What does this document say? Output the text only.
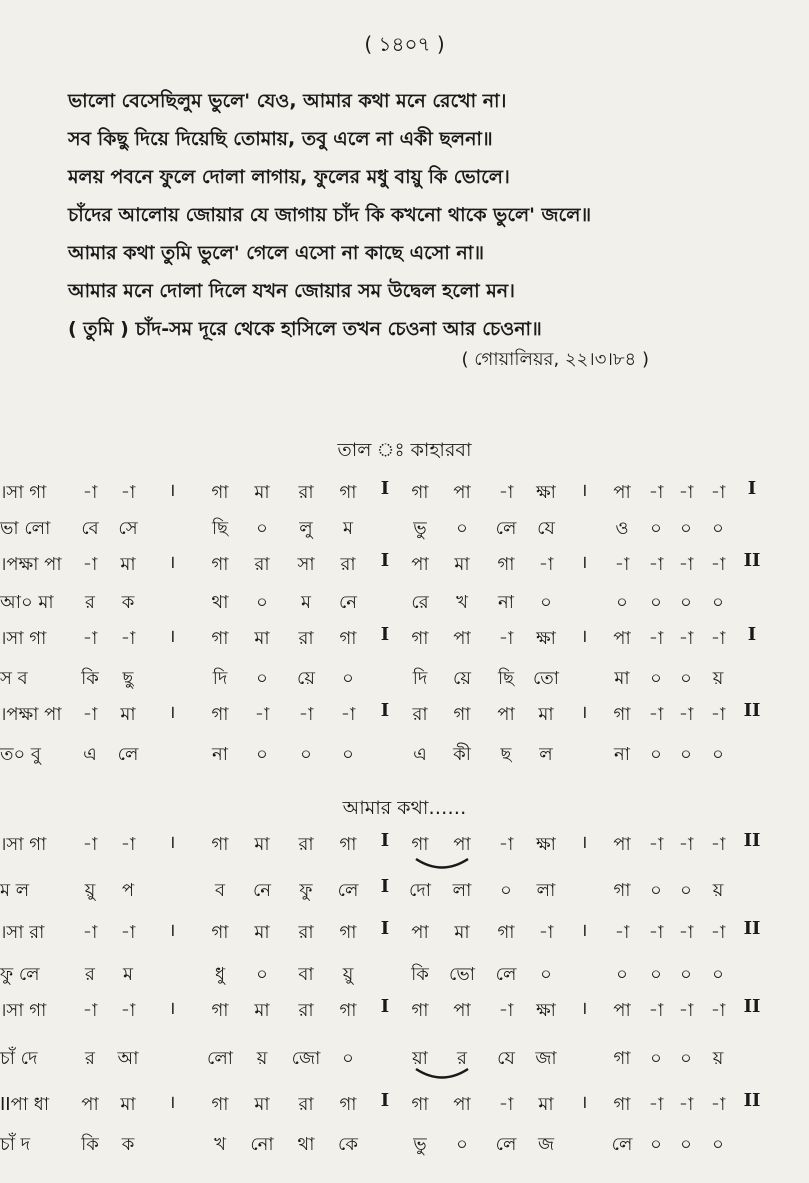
( ১৪০৭ )
ভালো বেসেছিলুম ভুলে' যেও, আমার কথা মনে রেখো না।
সব কিছু দিয়ে দিয়েছি তোমায়, তবু এলে না একী ছলনা॥
মলয় পবনে ফুলে দোলা লাগায়, ফুলের মধু বায়ু কি ভোলে।
চাঁদের আলোয় জোয়ার যে জাগায় চাঁদ কি কখনো থাকে ভুলে' জলে॥
আমার কথা তুমি ভুলে' গেলে এসো না কাছে এসো না॥
আমার মনে দোলা দিলে যখন জোয়ার সম উদ্বেল হলো মন।
( তুমি ) চাঁদ-সম দূরে থেকে হাসিলে তখন চেওনা আর চেওনা॥
( গোয়ালিয়র, ২২।৩।৮৪ )
তাল ঃ কাহারবা
আমার কথা……
।সা গা	-া	-া	।	গা	মা	রা	গা	I	গা	পা	-া	ক্ষা	।	পা -া -া -া	I
ভা লো	বে	সে	ছি	০	লু	ম	ভু	০	লে	যে	ও	০	০	০
।পক্ষা পা	-া	মা	।	গা	রা	সা	রা	I	পা	মা	গা	-া	।	-া	-া -া -া	II
আ০ মা	র	ক	থা	০	ম	নে	রে	খ	না	০	০	০	০	০
।সা গা	-া	-া	।	গা	মা	রা	গা	I	গা	পা	-া	ক্ষা	।	পা -া -া -া	I
স ব	কি	ছু	দি	০	য়ে	০	দি	য়ে	ছি	তো	মা	০	০	য়
।পক্ষা পা	-া	মা	।	গা	-া	-া	-া	I	রা	গা	পা	মা	।	গা	-া -া -া	II
ত০ বু	এ	লে	না	০	০	০	এ	কী	ছ	ল	না	০	০	০
।সা গা	-া	-া	।	গা	মা	রা	গা	I	গা	পা	-া	ক্ষা	।	পা -া -া -া	II
ম ল	য়ু	প	ব	নে	ফু	লে	I	দো	লা	০	লা	গা	০	০	য়
।সা রা	-া	-া	।	গা	মা	রা	গা	I	পা	মা	গা	-া	।	-া	-া -া -া	II
ফু লে	র	ম	ধু	০	বা	য়ু	কি	ভো লে	০	০	০	০	০
।সা গা	-া	-া	।	গা	মা	রা	গা	I	গা	পা	-া	ক্ষা	।	পা -া -া -া	II
চাঁ দে	র	আ	লো	য়	জো	০	য়া	র	যে	জা	গা	০	০	য়
IIপা ধা	পা	মা	।	গা	মা	রা	গা	I	গা	পা	-া	মা	।	গা	-া -া -া	II
চাঁ দ	কি	ক	খ	নো	থা	কে	ভু	০	লে	জ	লে ০	০	০
